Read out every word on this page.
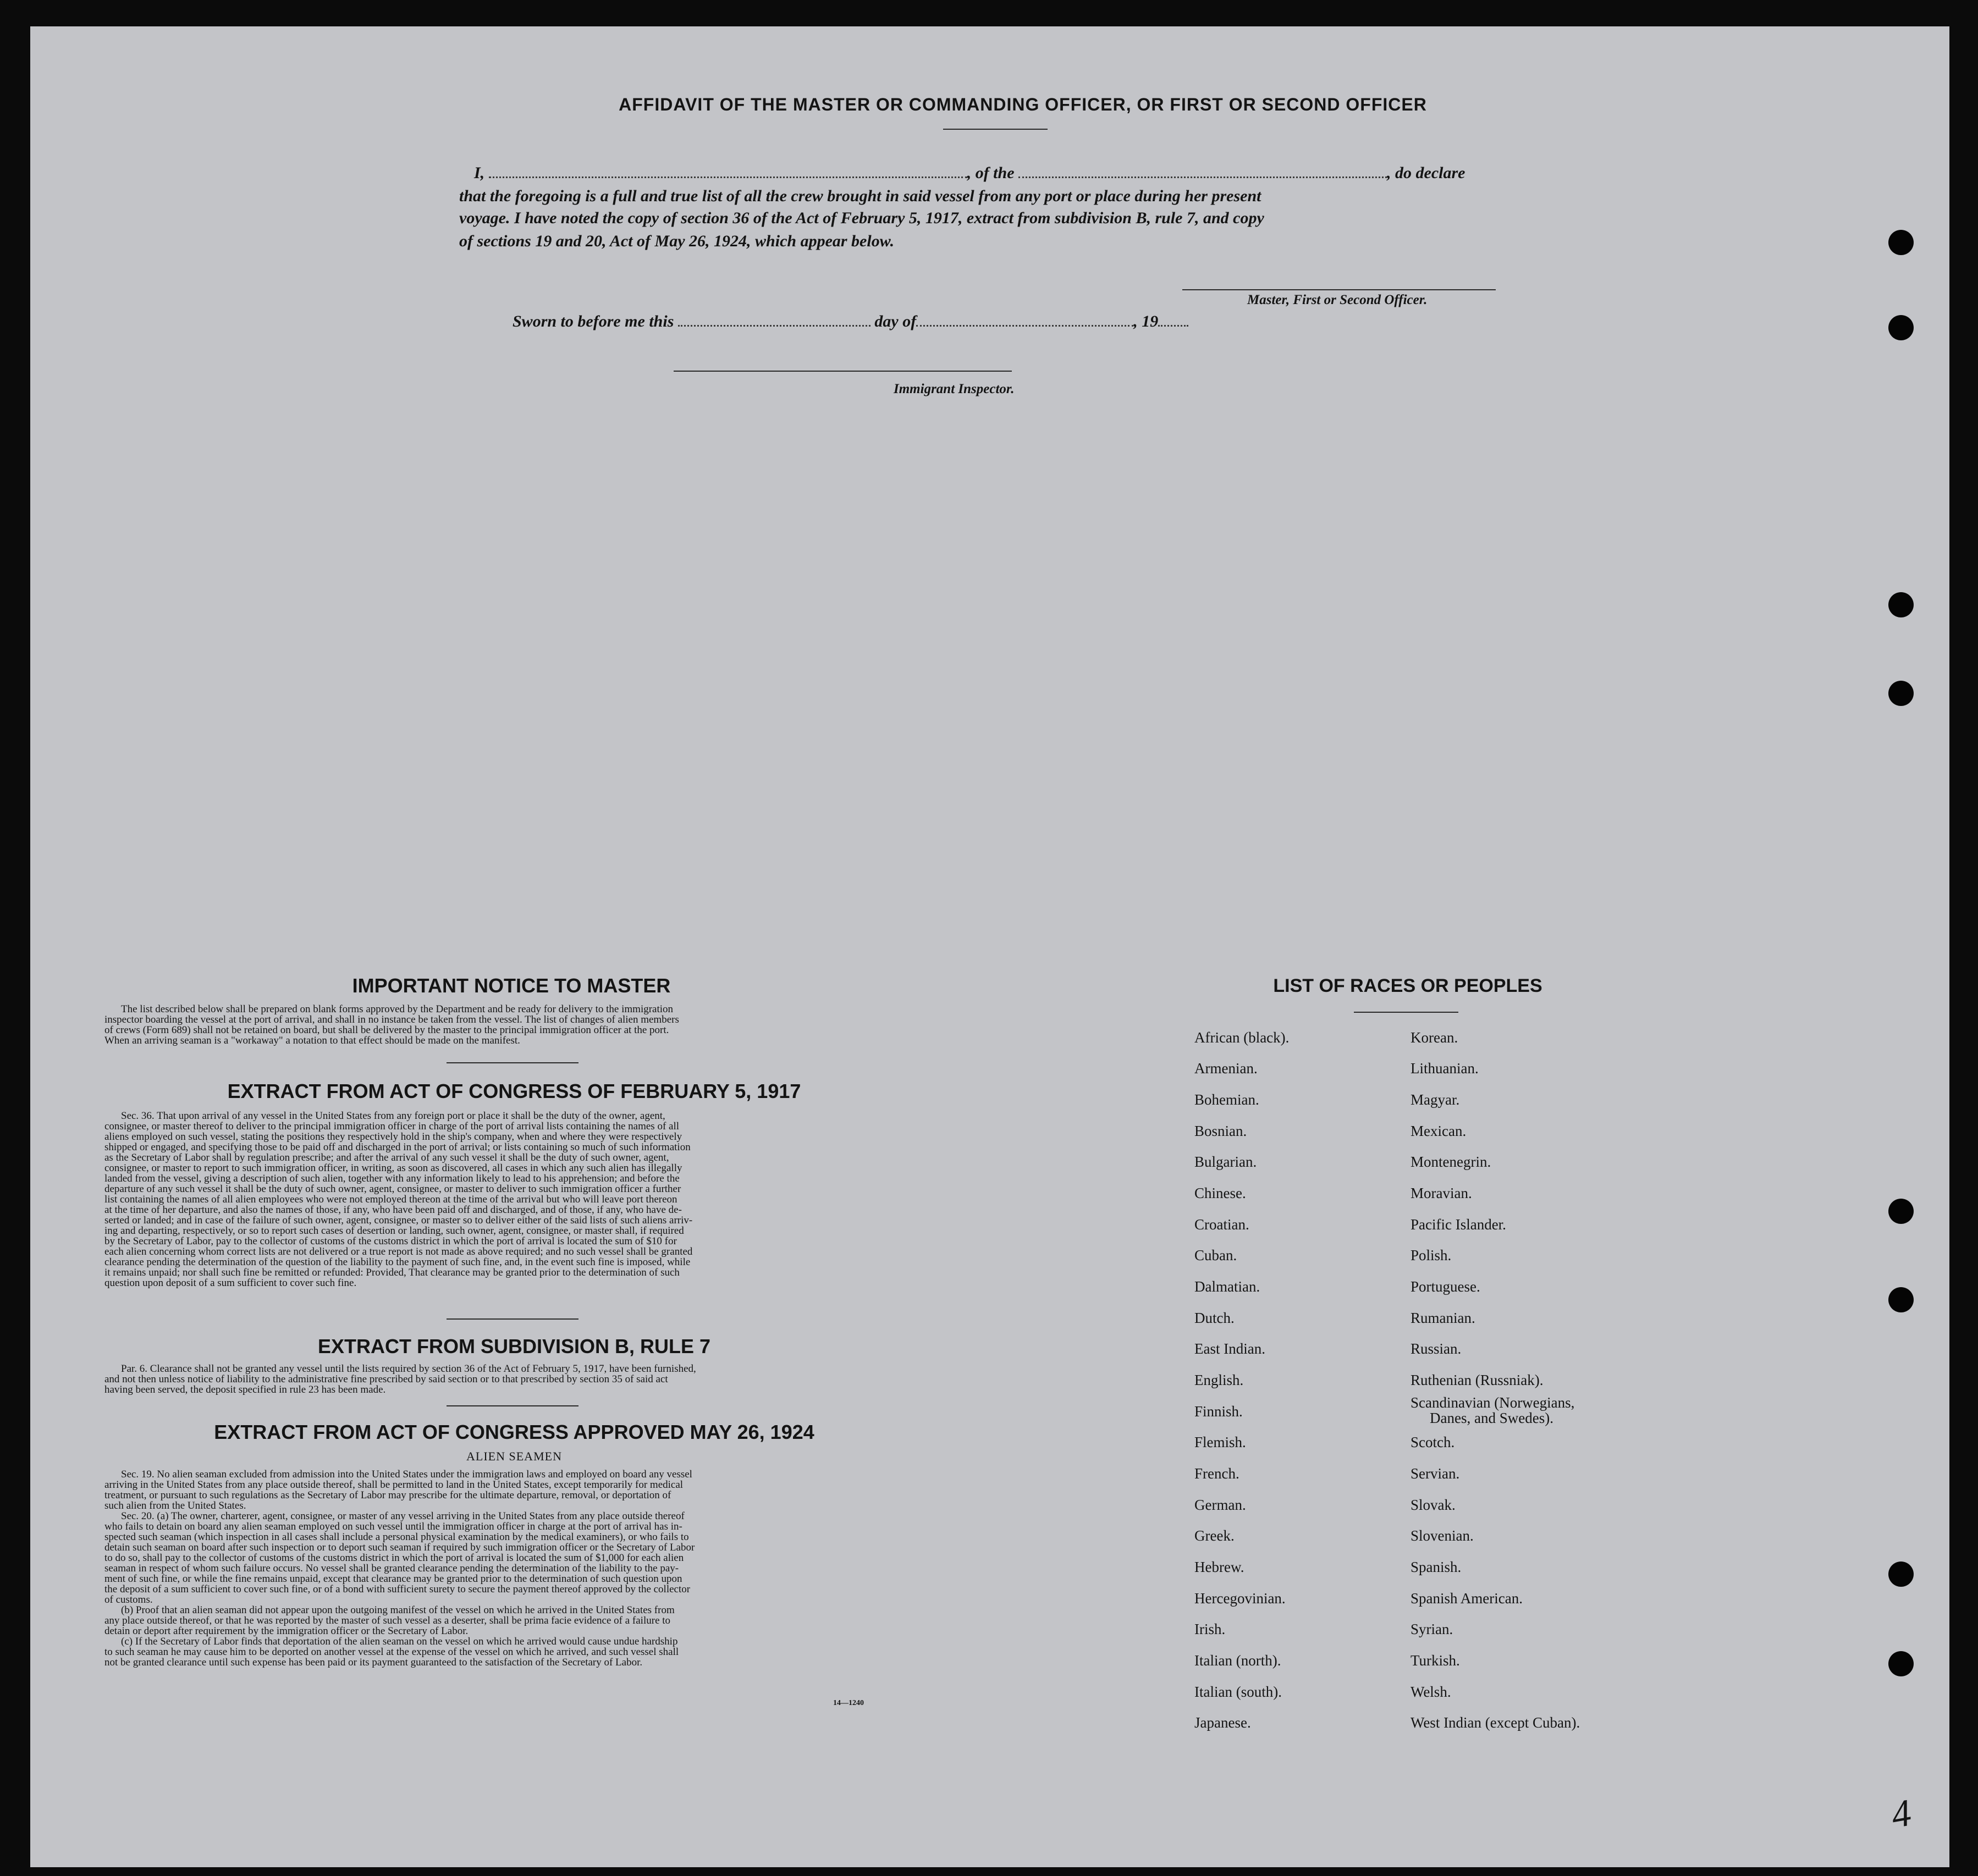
AFFIDAVIT OF THE MASTER OR COMMANDING OFFICER, OR FIRST OR SECOND OFFICER
I,	, of the	, do declare
that the foregoing is a full and true list of all the crew brought in said vessel from any port or place during her present
voyage. I have noted the copy of section 36 of the Act of February 5, 1917, extract from subdivision B, rule 7, and copy
of sections 19 and 20, Act of May 26, 1924, which appear below.
Master, First or Second Officer.
Sworn to before me this	day of	, 19
Immigrant Inspector.
IMPORTANT NOTICE TO MASTER
The list described below shall be prepared on blank forms approved by the Department and be ready for delivery to the immigration
inspector boarding the vessel at the port of arrival, and shall in no instance be taken from the vessel. The list of changes of alien members
of crews (Form 689) shall not be retained on board, but shall be delivered by the master to the principal immigration officer at the port.
When an arriving seaman is a "workaway" a notation to that effect should be made on the manifest.
EXTRACT FROM ACT OF CONGRESS OF FEBRUARY 5, 1917
Sec. 36. That upon arrival of any vessel in the United States from any foreign port or place it shall be the duty of the owner, agent,
consignee, or master thereof to deliver to the principal immigration officer in charge of the port of arrival lists containing the names of all
aliens employed on such vessel, stating the positions they respectively hold in the ship's company, when and where they were respectively
shipped or engaged, and specifying those to be paid off and discharged in the port of arrival; or lists containing so much of such information
as the Secretary of Labor shall by regulation prescribe; and after the arrival of any such vessel it shall be the duty of such owner, agent,
consignee, or master to report to such immigration officer, in writing, as soon as discovered, all cases in which any such alien has illegally
landed from the vessel, giving a description of such alien, together with any information likely to lead to his apprehension; and before the
departure of any such vessel it shall be the duty of such owner, agent, consignee, or master to deliver to such immigration officer a further
list containing the names of all alien employees who were not employed thereon at the time of the arrival but who will leave port thereon
at the time of her departure, and also the names of those, if any, who have been paid off and discharged, and of those, if any, who have de-
serted or landed; and in case of the failure of such owner, agent, consignee, or master so to deliver either of the said lists of such aliens arriv-
ing and departing, respectively, or so to report such cases of desertion or landing, such owner, agent, consignee, or master shall, if required
by the Secretary of Labor, pay to the collector of customs of the customs district in which the port of arrival is located the sum of $10 for
each alien concerning whom correct lists are not delivered or a true report is not made as above required; and no such vessel shall be granted
clearance pending the determination of the question of the liability to the payment of such fine, and, in the event such fine is imposed, while
it remains unpaid; nor shall such fine be remitted or refunded: Provided, That clearance may be granted prior to the determination of such
question upon deposit of a sum sufficient to cover such fine.
EXTRACT FROM SUBDIVISION B, RULE 7
Par. 6. Clearance shall not be granted any vessel until the lists required by section 36 of the Act of February 5, 1917, have been furnished,
and not then unless notice of liability to the administrative fine prescribed by said section or to that prescribed by section 35 of said act
having been served, the deposit specified in rule 23 has been made.
EXTRACT FROM ACT OF CONGRESS APPROVED MAY 26, 1924
ALIEN SEAMEN
Sec. 19. No alien seaman excluded from admission into the United States under the immigration laws and employed on board any vessel
arriving in the United States from any place outside thereof, shall be permitted to land in the United States, except temporarily for medical
treatment, or pursuant to such regulations as the Secretary of Labor may prescribe for the ultimate departure, removal, or deportation of
such alien from the United States.
Sec. 20. (a) The owner, charterer, agent, consignee, or master of any vessel arriving in the United States from any place outside thereof
who fails to detain on board any alien seaman employed on such vessel until the immigration officer in charge at the port of arrival has in-
spected such seaman (which inspection in all cases shall include a personal physical examination by the medical examiners), or who fails to
detain such seaman on board after such inspection or to deport such seaman if required by such immigration officer or the Secretary of Labor
to do so, shall pay to the collector of customs of the customs district in which the port of arrival is located the sum of $1,000 for each alien
seaman in respect of whom such failure occurs. No vessel shall be granted clearance pending the determination of the liability to the pay-
ment of such fine, or while the fine remains unpaid, except that clearance may be granted prior to the determination of such question upon
the deposit of a sum sufficient to cover such fine, or of a bond with sufficient surety to secure the payment thereof approved by the collector
of customs.
(b) Proof that an alien seaman did not appear upon the outgoing manifest of the vessel on which he arrived in the United States from
any place outside thereof, or that he was reported by the master of such vessel as a deserter, shall be prima facie evidence of a failure to
detain or deport after requirement by the immigration officer or the Secretary of Labor.
(c) If the Secretary of Labor finds that deportation of the alien seaman on the vessel on which he arrived would cause undue hardship
to such seaman he may cause him to be deported on another vessel at the expense of the vessel on which he arrived, and such vessel shall
not be granted clearance until such expense has been paid or its payment guaranteed to the satisfaction of the Secretary of Labor.
14—1240
LIST OF RACES OR PEOPLES
African (black).
Armenian.
Bohemian.
Bosnian.
Bulgarian.
Chinese.
Croatian.
Cuban.
Dalmatian.
Dutch.
East Indian.
English.
Finnish.
Flemish.
French.
German.
Greek.
Hebrew.
Hercegovinian.
Irish.
Italian (north).
Italian (south).
Japanese.
Korean.
Lithuanian.
Magyar.
Mexican.
Montenegrin.
Moravian.
Pacific Islander.
Polish.
Portuguese.
Rumanian.
Russian.
Ruthenian (Russniak).
Scandinavian (Norwegians,
Danes, and Swedes).
Scotch.
Servian.
Slovak.
Slovenian.
Spanish.
Spanish American.
Syrian.
Turkish.
Welsh.
West Indian (except Cuban).
4
